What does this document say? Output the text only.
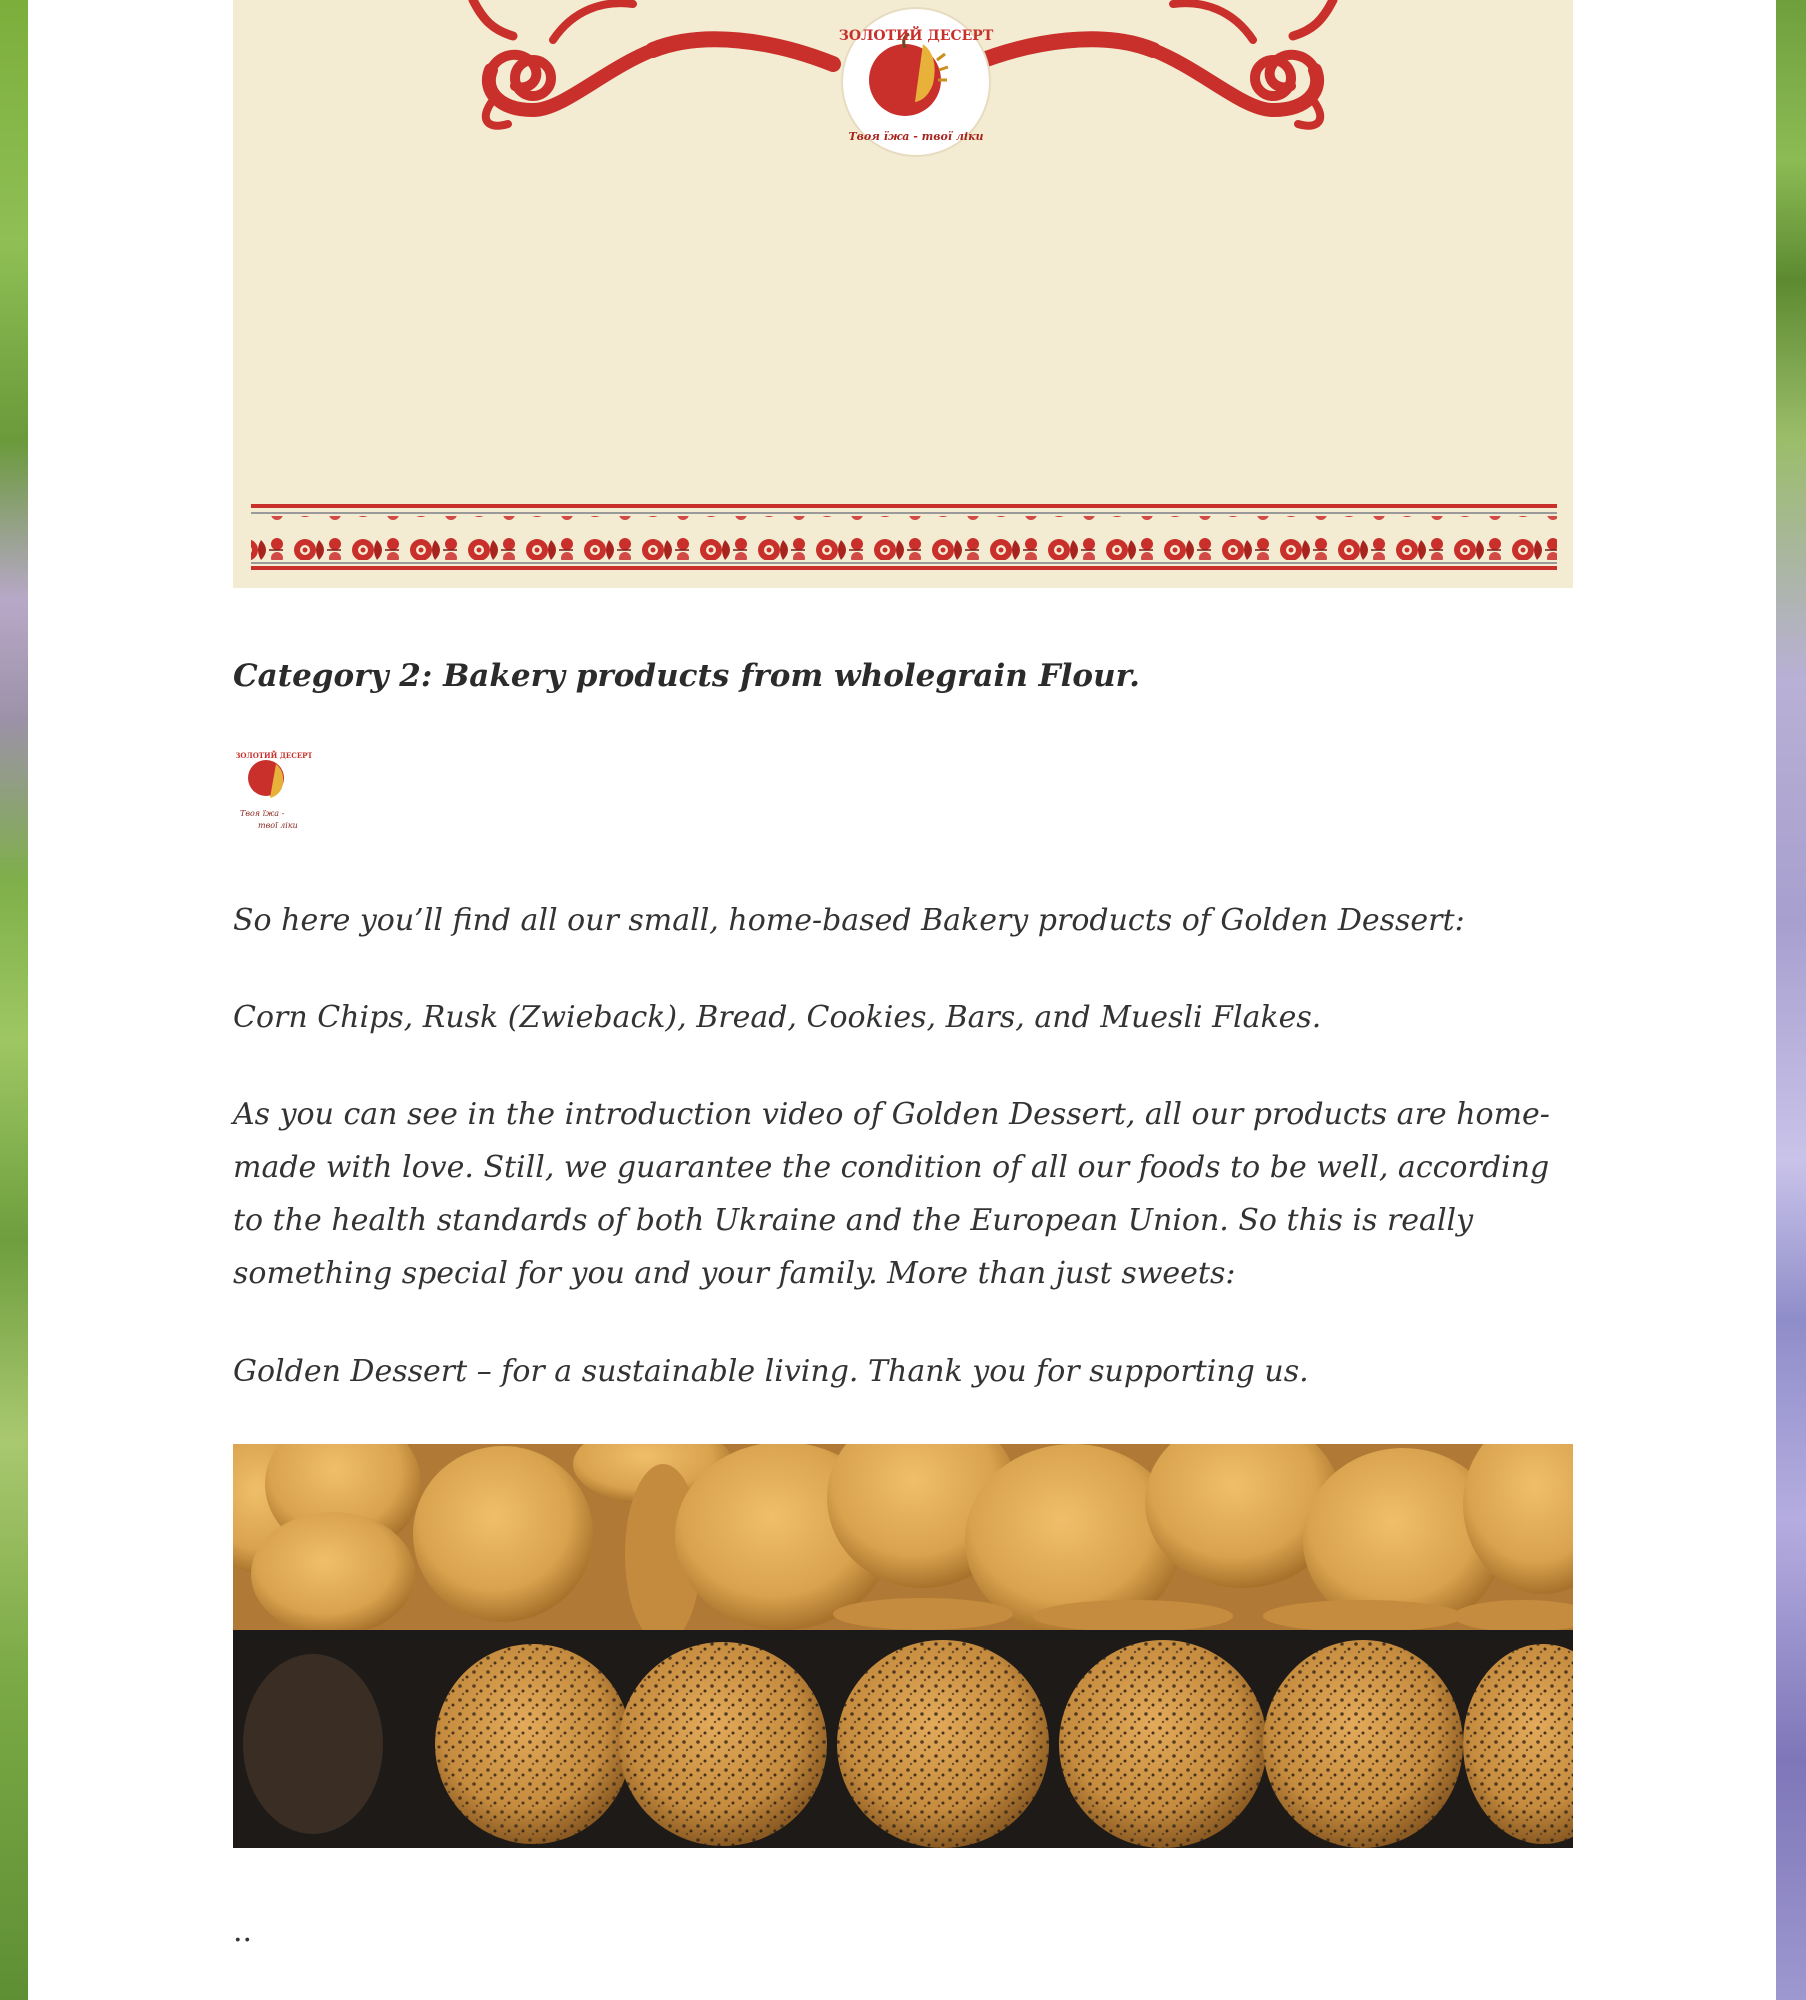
ЗОЛОТИЙ ДЕСЕРТ
Твоя їжа - твої ліки
Category 2: Bakery products from wholegrain Flour.
ЗОЛОТИЙ ДЕСЕРТ
Твоя їжа -
твої ліки
So here you’ll find all our small, home-based Bakery products of Golden Dessert:
Corn Chips, Rusk (Zwieback), Bread, Cookies, Bars, and Muesli Flakes.
As you can see in the introduction video of Golden Dessert, all our products are home-made with love. Still, we guarantee the condition of all our foods to be well, according to the health standards of both Ukraine and the European Union. So this is really something special for you and your family. More than just sweets:
Golden Dessert – for a sustainable living. Thank you for supporting us.
..
